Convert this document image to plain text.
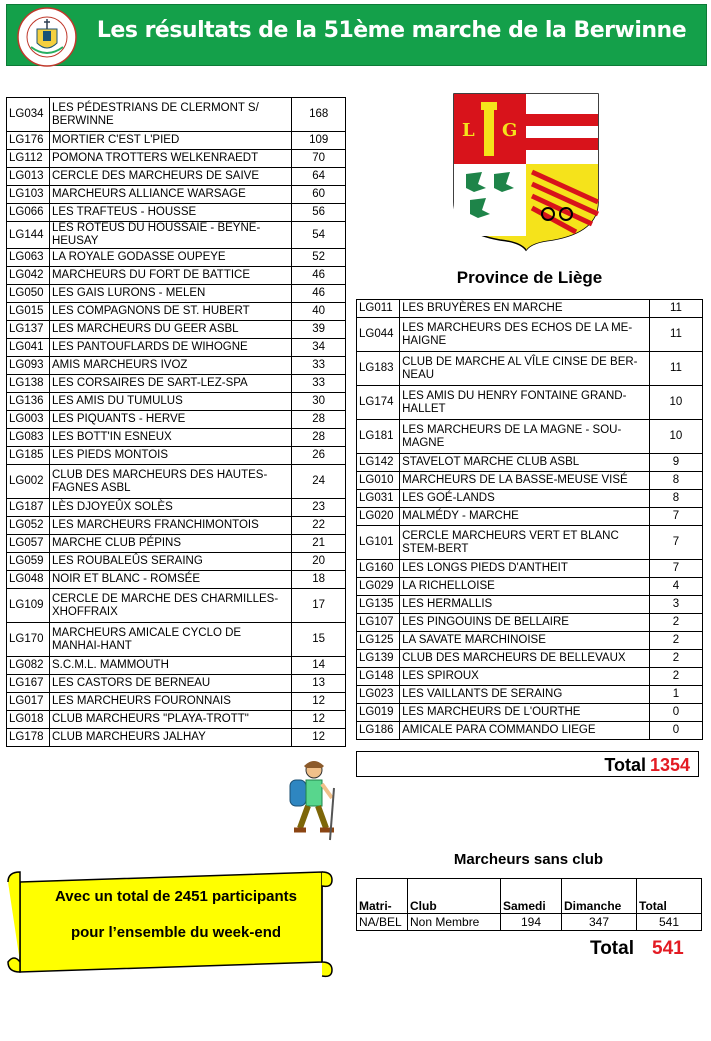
Les résultats de la 51ème marche de la Berwinne
LG034	LES PÉDESTRIANS DE CLERMONT S/ BERWINNE	168
LG176	MORTIER C'EST L'PIED	109
LG112	POMONA TROTTERS WELKENRAEDT	70
LG013	CERCLE DES MARCHEURS DE SAIVE	64
LG103	MARCHEURS ALLIANCE WARSAGE	60
LG066	LES TRAFTEUS - HOUSSE	56
LG144	LES ROTEUS DU HOUSSAIE - BEYNE-HEUSAY	54
LG063	LA ROYALE GODASSE OUPEYE	52
LG042	MARCHEURS DU FORT DE BATTICE	46
LG050	LES GAIS LURONS - MELEN	46
LG015	LES COMPAGNONS DE ST. HUBERT	40
LG137	LES MARCHEURS DU GEER ASBL	39
LG041	LES PANTOUFLARDS DE WIHOGNE	34
LG093	AMIS MARCHEURS IVOZ	33
LG138	LES CORSAIRES DE SART-LEZ-SPA	33
LG136	LES AMIS DU TUMULUS	30
LG003	LES PIQUANTS - HERVE	28
LG083	LES BOTT'IN ESNEUX	28
LG185	LES PIEDS MONTOIS	26
LG002	CLUB DES MARCHEURS DES HAUTES-FAGNES ASBL	24
LG187	LÈS DJOYEÛX SOLÈS	23
LG052	LES MARCHEURS FRANCHIMONTOIS	22
LG057	MARCHE CLUB PÉPINS	21
LG059	LES ROUBALEÛS SERAING	20
LG048	NOIR ET BLANC - ROMSÉE	18
LG109	CERCLE DE MARCHE DES CHARMILLES-XHOFFRAIX	17
LG170	MARCHEURS AMICALE CYCLO DE MANHAI-HANT	15
LG082	S.C.M.L. MAMMOUTH	14
LG167	LES CASTORS DE BERNEAU	13
LG017	LES MARCHEURS FOURONNAIS	12
LG018	CLUB MARCHEURS "PLAYA-TROTT"	12
LG178	CLUB MARCHEURS JALHAY	12
L G
Province de Liège
LG011	LES BRUYÈRES EN MARCHE	11
LG044	LES MARCHEURS DES ECHOS DE LA ME-HAIGNE	11
LG183	CLUB DE MARCHE AL VÎLE CINSE DE BER-NEAU	11
LG174	LES AMIS DU HENRY FONTAINE GRAND-HALLET	10
LG181	LES MARCHEURS DE LA MAGNE - SOU-MAGNE	10
LG142	STAVELOT MARCHE CLUB ASBL	9
LG010	MARCHEURS DE LA BASSE-MEUSE VISÉ	8
LG031	LES GOÉ-LANDS	8
LG020	MALMÉDY - MARCHE	7
LG101	CERCLE MARCHEURS VERT ET BLANC STEM-BERT	7
LG160	LES LONGS PIEDS D'ANTHEIT	7
LG029	LA RICHELLOISE	4
LG135	LES HERMALLIS	3
LG107	LES PINGOUINS DE BELLAIRE	2
LG125	LA SAVATE MARCHINOISE	2
LG139	CLUB DES MARCHEURS DE BELLEVAUX	2
LG148	LES SPIROUX	2
LG023	LES VAILLANTS DE SERAING	1
LG019	LES MARCHEURS DE L'OURTHE	0
LG186	AMICALE PARA COMMANDO LIEGE	0
Total 1354
Avec un total de 2451 participants
pour l’ensemble du week-end
Marcheurs sans club
Matri-	Club	Samedi	Dimanche	Total
NA/BEL	Non Membre	194	347	541
Total 541
